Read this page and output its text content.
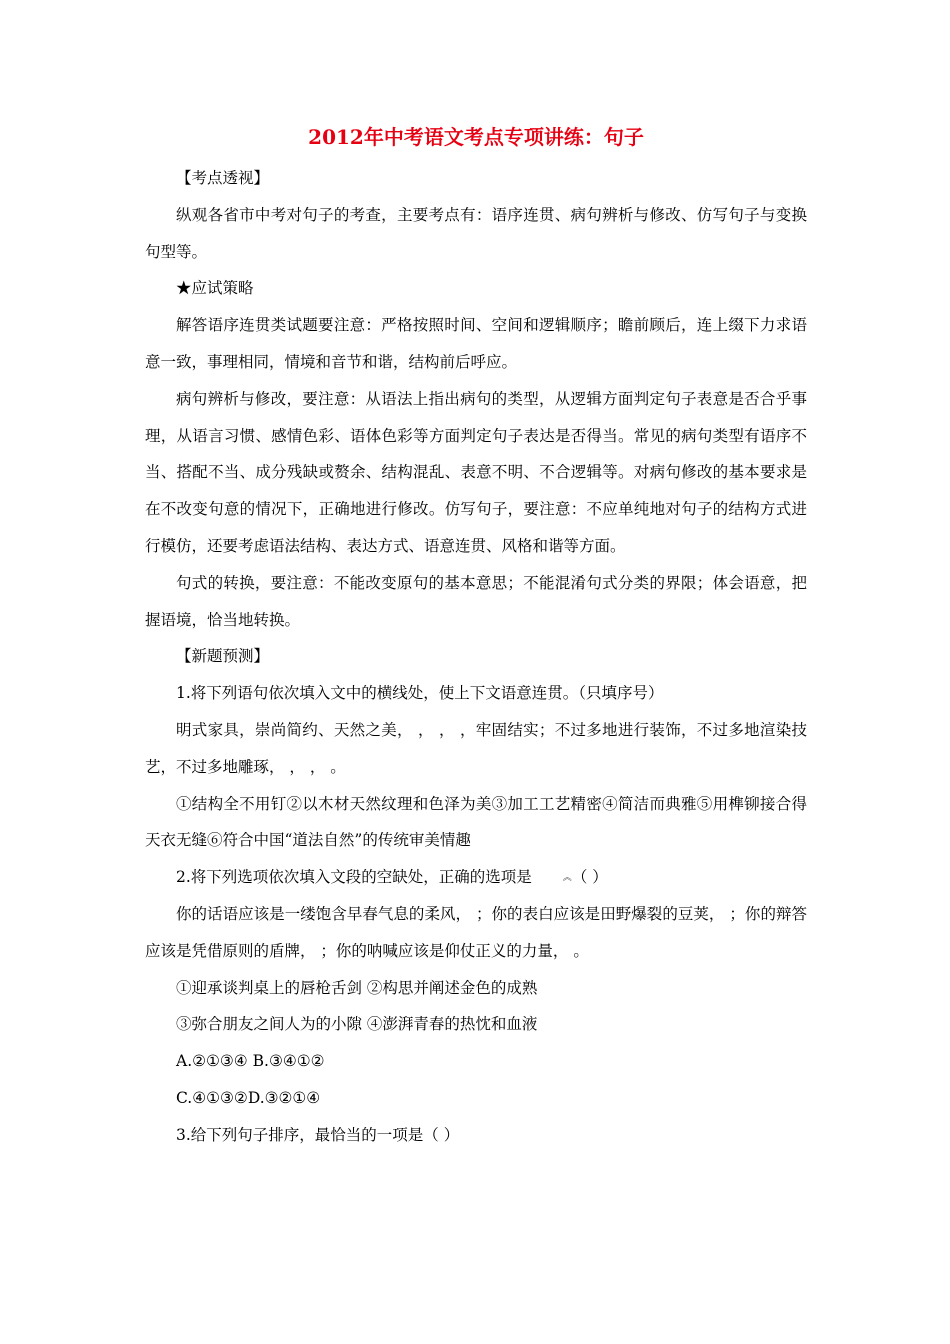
2012年中考语文考点专项讲练：句子

【考点透视】

纵观各省市中考对句子的考查，主要考点有：语序连贯、病句辨析与修改、仿写句子与变换句型等。

★应试策略

解答语序连贯类试题要注意：严格按照时间、空间和逻辑顺序；瞻前顾后，连上缀下力求语意一致，事理相同，情境和音节和谐，结构前后呼应。

病句辨析与修改，要注意：从语法上指出病句的类型，从逻辑方面判定句子表意是否合乎事理，从语言习惯、感情色彩、语体色彩等方面判定句子表达是否得当。常见的病句类型有语序不当、搭配不当、成分残缺或赘余、结构混乱、表意不明、不合逻辑等。对病句修改的基本要求是在不改变句意的情况下，正确地进行修改。仿写句子，要注意：不应单纯地对句子的结构方式进行模仿，还要考虑语法结构、表达方式、语意连贯、风格和谐等方面。

句式的转换，要注意：不能改变原句的基本意思；不能混淆句式分类的界限；体会语意，把握语境，恰当地转换。

【新题预测】

1.将下列语句依次填入文中的横线处，使上下文语意连贯。（只填序号）

明式家具，崇尚简约、天然之美， ， ， ，牢固结实；不过多地进行装饰，不过多地渲染技艺，不过多地雕琢， ， ， 。

①结构全不用钉②以木材天然纹理和色泽为美③加工工艺精密④简洁而典雅⑤用榫铆接合得天衣无缝⑥符合中国“道法自然”的传统审美情趣

2.将下列选项依次填入文段的空缺处，正确的选项是	︽（ ）

你的话语应该是一缕饱含早春气息的柔风， ；你的表白应该是田野爆裂的豆荚， ；你的辩答应该是凭借原则的盾牌， ；你的呐喊应该是仰仗正义的力量， 。

①迎承谈判桌上的唇枪舌剑 ②构思并阐述金色的成熟

③弥合朋友之间人为的小隙 ④澎湃青春的热忱和血液

A.②①③④ B.③④①②

C.④①③②D.③②①④

3.给下列句子排序，最恰当的一项是（ ）
